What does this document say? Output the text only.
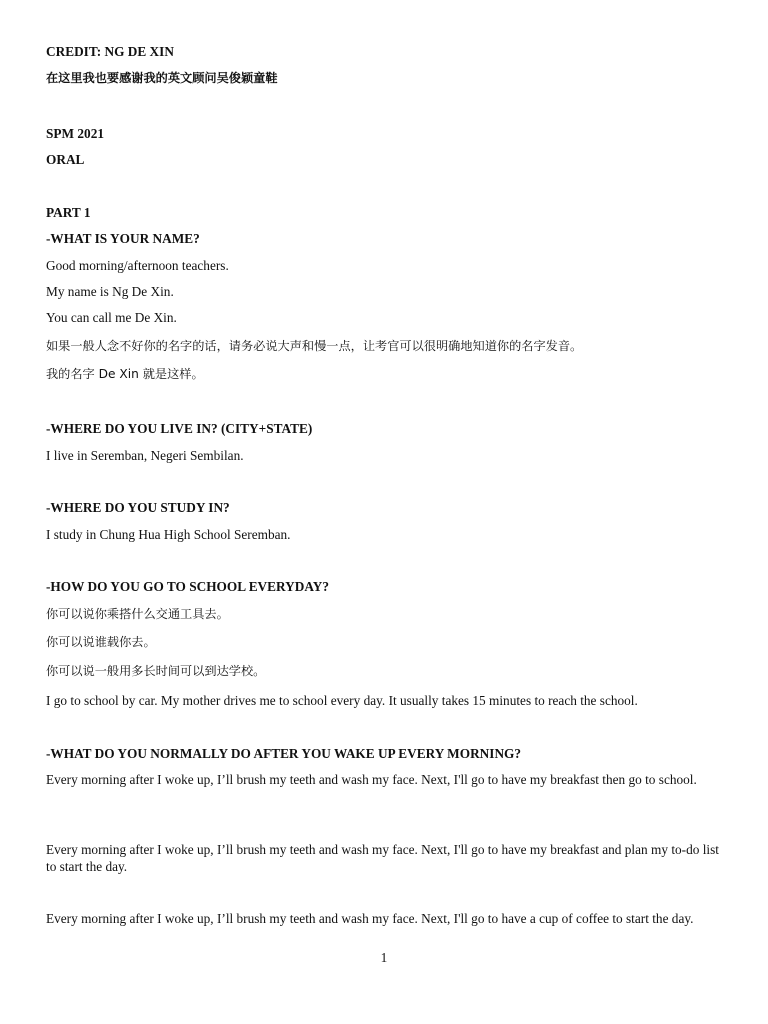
CREDIT: NG DE XIN

在这里我也要感谢我的英文顾问吴俊颖童鞋

SPM 2021

ORAL

PART 1

-WHAT IS YOUR NAME?

Good morning/afternoon teachers.

My name is Ng De Xin.

You can call me De Xin.

如果一般人念不好你的名字的话，请务必说大声和慢一点，让考官可以很明确地知道你的名字发音。

我的名字 De Xin 就是这样。

-WHERE DO YOU LIVE IN? (CITY+STATE)

I live in Seremban, Negeri Sembilan.

-WHERE DO YOU STUDY IN?

I study in Chung Hua High School Seremban.

-HOW DO YOU GO TO SCHOOL EVERYDAY?

你可以说你乘搭什么交通工具去。

你可以说谁载你去。

你可以说一般用多长时间可以到达学校。

I go to school by car. My mother drives me to school every day. It usually takes 15 minutes to reach the school.

-WHAT DO YOU NORMALLY DO AFTER YOU WAKE UP EVERY MORNING?

Every morning after I woke up, I’ll brush my teeth and wash my face. Next, I'll go to have my breakfast then go to school.

Every morning after I woke up, I’ll brush my teeth and wash my face. Next, I'll go to have my breakfast and plan my to-do list to start the day.

Every morning after I woke up, I’ll brush my teeth and wash my face. Next, I'll go to have a cup of coffee to start the day.

1
